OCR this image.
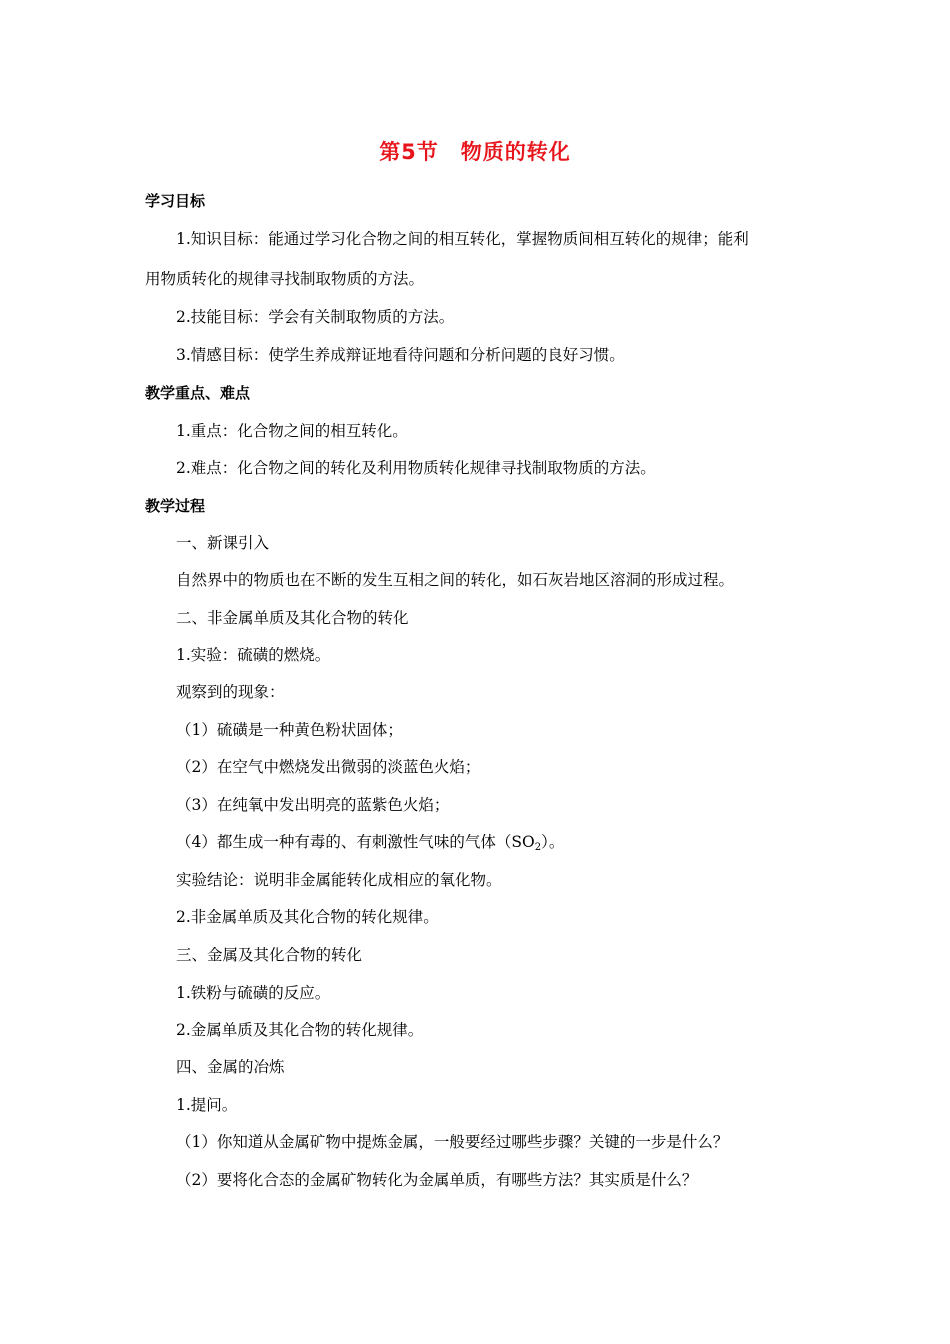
第5节　物质的转化
学习目标
1.知识目标：能通过学习化合物之间的相互转化，掌握物质间相互转化的规律；能利
用物质转化的规律寻找制取物质的方法。
2.技能目标：学会有关制取物质的方法。
3.情感目标：使学生养成辩证地看待问题和分析问题的良好习惯。
教学重点、难点
1.重点：化合物之间的相互转化。
2.难点：化合物之间的转化及利用物质转化规律寻找制取物质的方法。
教学过程
一、新课引入
自然界中的物质也在不断的发生互相之间的转化，如石灰岩地区溶洞的形成过程。
二、非金属单质及其化合物的转化
1.实验：硫磺的燃烧。
观察到的现象：
（1）硫磺是一种黄色粉状固体；
（2）在空气中燃烧发出微弱的淡蓝色火焰；
（3）在纯氧中发出明亮的蓝紫色火焰；
（4）都生成一种有毒的、有刺激性气味的气体$(SO_2)$。
实验结论：说明非金属能转化成相应的氧化物。
2.非金属单质及其化合物的转化规律。
三、金属及其化合物的转化
1.铁粉与硫磺的反应。
2.金属单质及其化合物的转化规律。
四、金属的冶炼
1.提问。
（1）你知道从金属矿物中提炼金属，一般要经过哪些步骤？关键的一步是什么？
（2）要将化合态的金属矿物转化为金属单质，有哪些方法？其实质是什么？
